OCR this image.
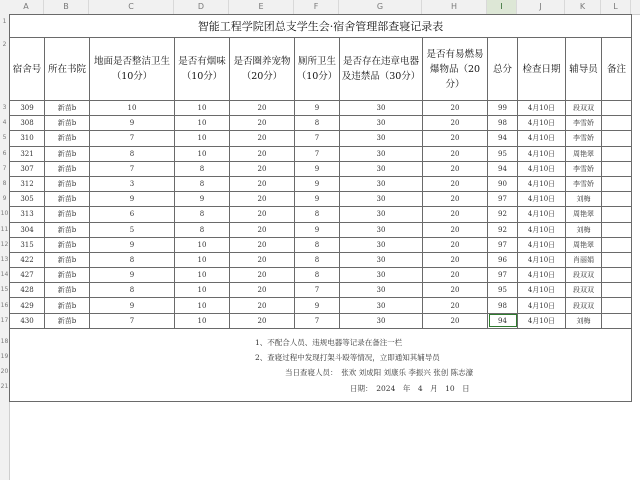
A	B	C	D	E	F	G	H	I	J	K	L
1
2
3
4
5
6
7
8
9
10
11
12
13
14
15
16
17
18
19
20
21
智能工程学院团总支学生会·宿舍管理部查寝记录表											
宿舍号	所在书院	地面是否整洁卫生（10分）	是否有烟味（10分）	是否圈养宠物（20分）	厕所卫生（10分）	是否存在违章电器及违禁品（30分）	是否有易燃易爆物品（20分）	总分	检查日期	辅导员	备注
309	新苗b	10	10	20	9	30	20	99	4月10日	段双双	
308	新苗b	9	10	20	8	30	20	98	4月10日	李雪娇	
310	新苗b	7	10	20	7	30	20	94	4月10日	李雪娇	
321	新苗b	8	10	20	7	30	20	95	4月10日	周艳翠	
307	新苗b	7	8	20	9	30	20	94	4月10日	李雪娇	
312	新苗b	3	8	20	9	30	20	90	4月10日	李雪娇	
305	新苗b	9	9	20	9	30	20	97	4月10日	刘梅	
313	新苗b	6	8	20	8	30	20	92	4月10日	周艳翠	
304	新苗b	5	8	20	9	30	20	92	4月10日	刘梅	
315	新苗b	9	10	20	8	30	20	97	4月10日	周艳翠	
422	新苗b	8	10	20	8	30	20	96	4月10日	肖丽娟	
427	新苗b	9	10	20	8	30	20	97	4月10日	段双双	
428	新苗b	8	10	20	7	30	20	95	4月10日	段双双	
429	新苗b	9	10	20	9	30	20	98	4月10日	段双双	
430	新苗b	7	10	20	7	30	20	94	4月10日	刘梅	

1、不配合人员、违规电器等记录在备注一栏
2、查寝过程中发现打架斗殴等情况，立即通知其辅导员
当日查寝人员：　张欢 刘成阳 刘康乐 李振兴 张创 陈志濠
日期：　2024　年　4　月　10　日											
